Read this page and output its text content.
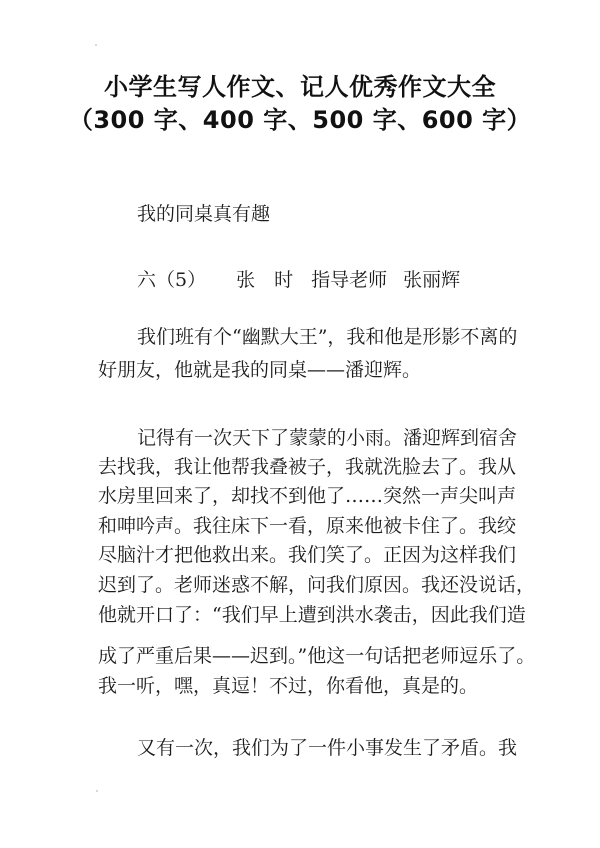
小学生写人作文、记人优秀作文大全
（300 字、400 字、500 字、600 字）
我的同桌真有趣
六（5） 张　时 指导老师 张丽辉
我们班有个“幽默大王”，我和他是形影不离的
好朋友，他就是我的同桌——潘迎辉。
记得有一次天下了蒙蒙的小雨。潘迎辉到宿舍
去找我，我让他帮我叠被子，我就洗脸去了。我从
水房里回来了，却找不到他了……突然一声尖叫声
和呻吟声。我往床下一看，原来他被卡住了。我绞
尽脑汁才把他救出来。我们笑了。正因为这样我们
迟到了。老师迷惑不解，问我们原因。我还没说话，
他就开口了：“我们早上遭到洪水袭击，因此我们造
成了严重后果——迟到。”他这一句话把老师逗乐了。
我一听，嘿，真逗！不过，你看他，真是的。
又有一次，我们为了一件小事发生了矛盾。我
